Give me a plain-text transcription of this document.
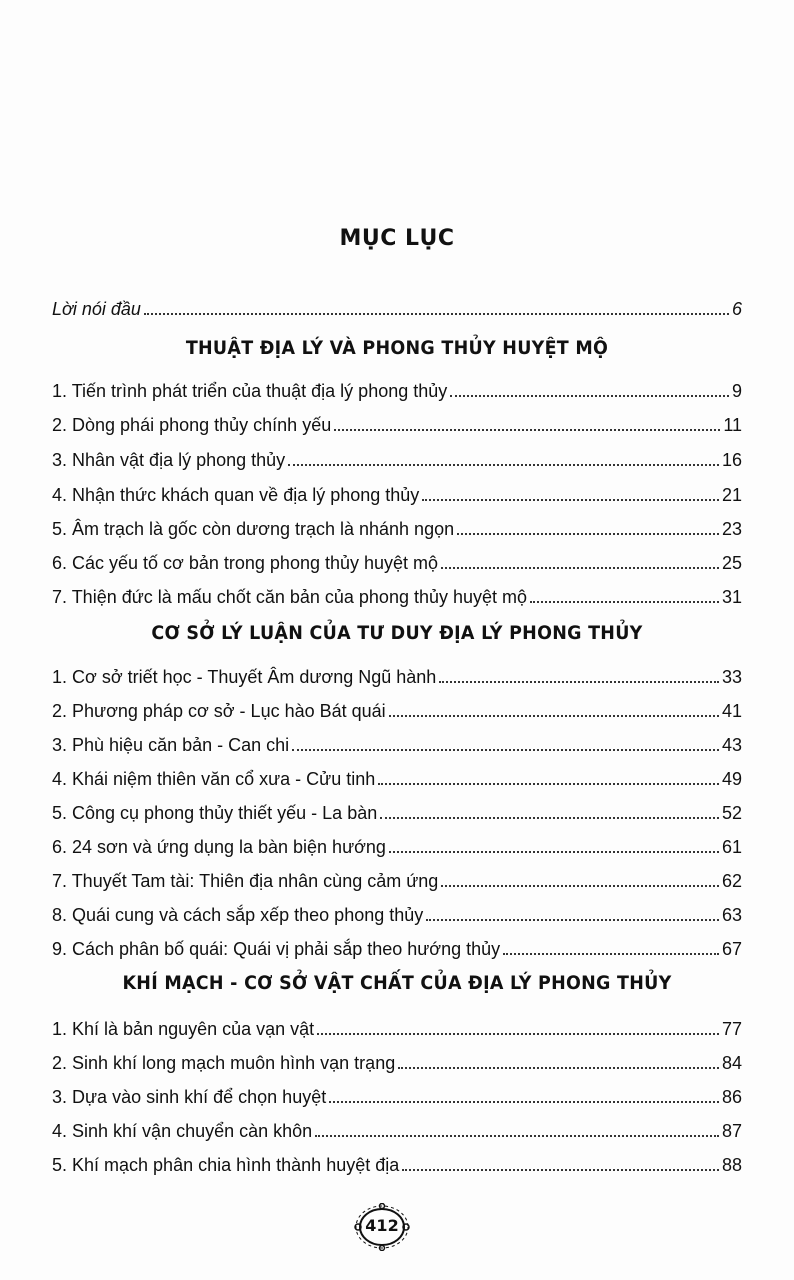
MỤC LỤC
Lời nói đầu	6
THUẬT ĐỊA LÝ VÀ PHONG THỦY HUYỆT MỘ
1. Tiến trình phát triển của thuật địa lý phong thủy	9
2. Dòng phái phong thủy chính yếu	11
3. Nhân vật địa lý phong thủy	16
4. Nhận thức khách quan về địa lý phong thủy	21
5. Âm trạch là gốc còn dương trạch là nhánh ngọn	23
6. Các yếu tố cơ bản trong phong thủy huyệt mộ	25
7. Thiện đức là mấu chốt căn bản của phong thủy huyệt mộ	31
CƠ SỞ LÝ LUẬN CỦA TƯ DUY ĐỊA LÝ PHONG THỦY
1. Cơ sở triết học - Thuyết Âm dương Ngũ hành	33
2. Phương pháp cơ sở - Lục hào Bát quái	41
3. Phù hiệu căn bản - Can chi	43
4. Khái niệm thiên văn cổ xưa - Cửu tinh	49
5. Công cụ phong thủy thiết yếu - La bàn	52
6. 24 sơn và ứng dụng la bàn biện hướng	61
7. Thuyết Tam tài: Thiên địa nhân cùng cảm ứng	62
8. Quái cung và cách sắp xếp theo phong thủy	63
9. Cách phân bố quái: Quái vị phải sắp theo hướng thủy	67
KHÍ MẠCH - CƠ SỞ VẬT CHẤT CỦA ĐỊA LÝ PHONG THỦY
1. Khí là bản nguyên của vạn vật	77
2. Sinh khí long mạch muôn hình vạn trạng	84
3. Dựa vào sinh khí để chọn huyệt	86
4. Sinh khí vận chuyển càn khôn	87
5. Khí mạch phân chia hình thành huyệt địa	88
412
